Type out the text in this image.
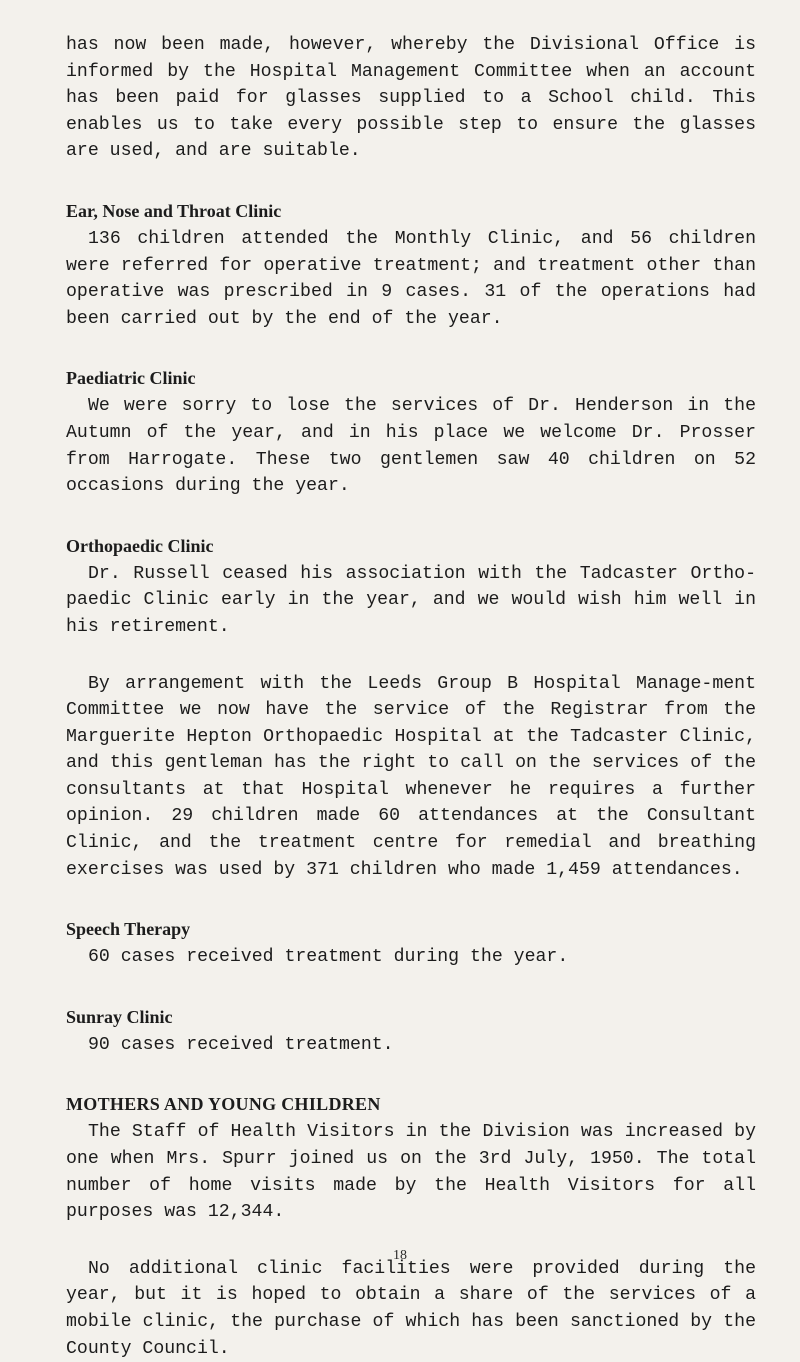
has now been made, however, whereby the Divisional Office is informed by the Hospital Management Committee when an account has been paid for glasses supplied to a School child. This enables us to take every possible step to ensure the glasses are used, and are suitable.

Ear, Nose and Throat Clinic

136 children attended the Monthly Clinic, and 56 children were referred for operative treatment; and treatment other than operative was prescribed in 9 cases. 31 of the operations had been carried out by the end of the year.

Paediatric Clinic

We were sorry to lose the services of Dr. Henderson in the Autumn of the year, and in his place we welcome Dr. Prosser from Harrogate. These two gentlemen saw 40 children on 52 occasions during the year.

Orthopaedic Clinic

Dr. Russell ceased his association with the Tadcaster Ortho-paedic Clinic early in the year, and we would wish him well in his retirement.

By arrangement with the Leeds Group B Hospital Manage-ment Committee we now have the service of the Registrar from the Marguerite Hepton Orthopaedic Hospital at the Tadcaster Clinic, and this gentleman has the right to call on the services of the consultants at that Hospital whenever he requires a further opinion. 29 children made 60 attendances at the Consultant Clinic, and the treatment centre for remedial and breathing exercises was used by 371 children who made 1,459 attendances.

Speech Therapy

60 cases received treatment during the year.

Sunray Clinic

90 cases received treatment.

MOTHERS AND YOUNG CHILDREN

The Staff of Health Visitors in the Division was increased by one when Mrs. Spurr joined us on the 3rd July, 1950. The total number of home visits made by the Health Visitors for all purposes was 12,344.

No additional clinic facilities were provided during the year, but it is hoped to obtain a share of the services of a mobile clinic, the purchase of which has been sanctioned by the County Council.

18
